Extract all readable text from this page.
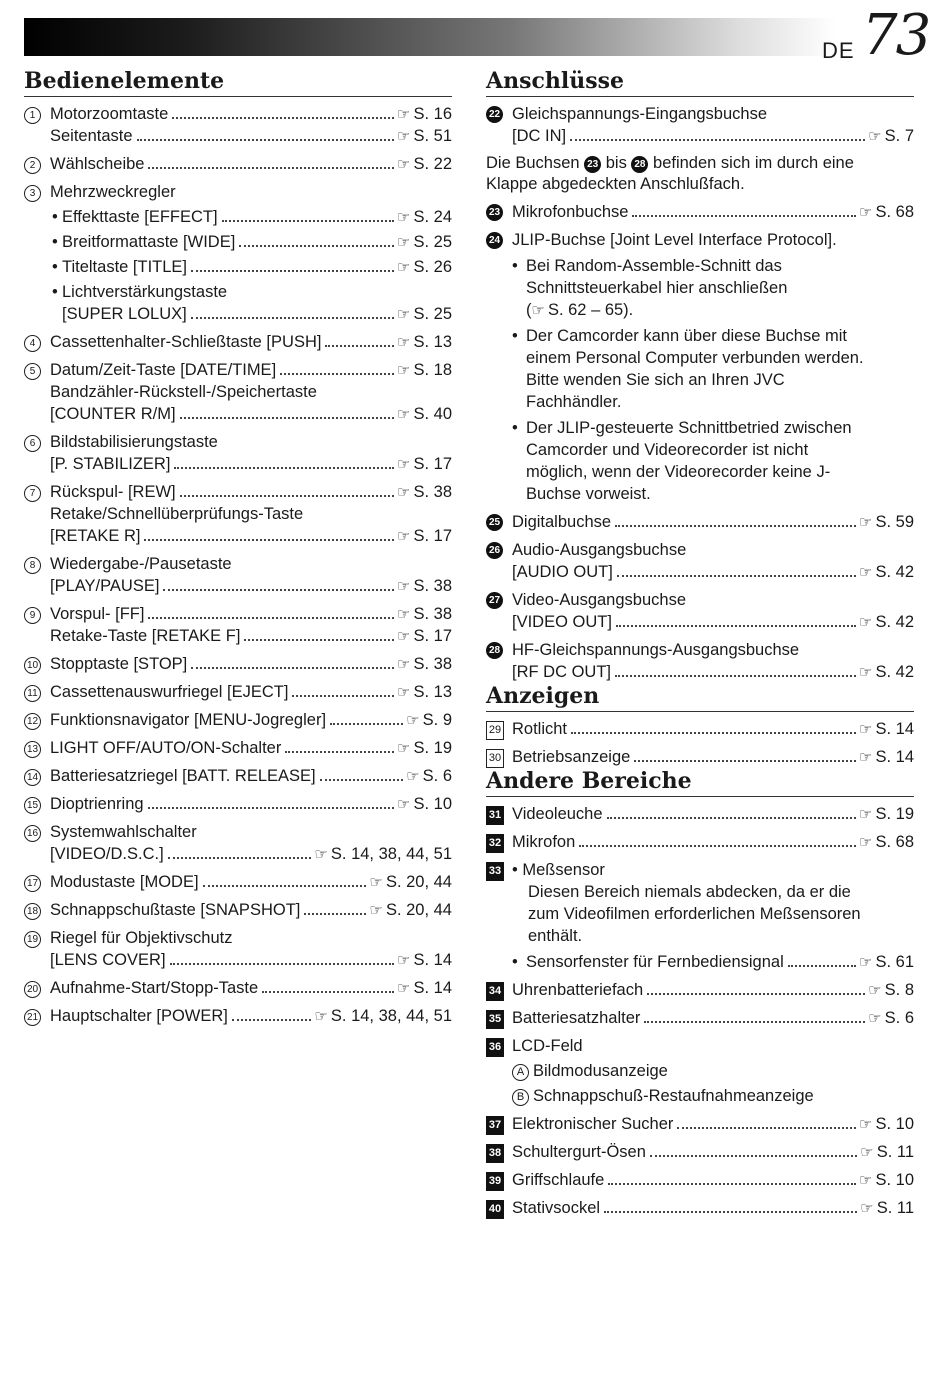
DE 73
Bedienelemente
1 Motorzoomtaste	☞ S. 16
Seitentaste	☞ S. 51
2 Wählscheibe	☞ S. 22
3 Mehrzweckregler
• Effekttaste [EFFECT]	☞ S. 24
• Breitformattaste [WIDE]	☞ S. 25
• Titeltaste [TITLE]	☞ S. 26
• Lichtverstärkungstaste
[SUPER LOLUX]	☞ S. 25
4 Cassettenhalter-Schließtaste [PUSH]	☞ S. 13
5 Datum/Zeit-Taste [DATE/TIME]	☞ S. 18
Bandzähler-Rückstell-/Speichertaste
[COUNTER R/M]	☞ S. 40
6 Bildstabilisierungstaste
[P. STABILIZER]	☞ S. 17
7 Rückspul- [REW]	☞ S. 38
Retake/Schnellüberprüfungs-Taste
[RETAKE R]	☞ S. 17
8 Wiedergabe-/Pausetaste
[PLAY/PAUSE]	☞ S. 38
9 Vorspul- [FF]	☞ S. 38
Retake-Taste [RETAKE F]	☞ S. 17
10 Stopptaste [STOP]	☞ S. 38
11 Cassettenauswurfriegel [EJECT]	☞ S. 13
12 Funktionsnavigator [MENU-Jogregler]	☞ S. 9
13 LIGHT OFF/AUTO/ON-Schalter	☞ S. 19
14 Batteriesatzriegel [BATT. RELEASE]	☞ S. 6
15 Dioptrienring	☞ S. 10
16 Systemwahlschalter
[VIDEO/D.S.C.]	☞ S. 14, 38, 44, 51
17 Modustaste [MODE]	☞ S. 20, 44
18 Schnappschußtaste [SNAPSHOT]	☞ S. 20, 44
19 Riegel für Objektivschutz
[LENS COVER]	☞ S. 14
20 Aufnahme-Start/Stopp-Taste	☞ S. 14
21 Hauptschalter [POWER]	☞ S. 14, 38, 44, 51
Anschlüsse
22 Gleichspannungs-Eingangsbuchse
[DC IN]	☞ S. 7
Die Buchsen 23 bis 28 befinden sich im durch eine
Klappe abgedeckten Anschlußfach.
23 Mikrofonbuchse	☞ S. 68
24 JLIP-Buchse [Joint Level Interface Protocol].
• Bei Random-Assemble-Schnitt das
Schnittsteuerkabel hier anschließen
(☞ S. 62 – 65).
• Der Camcorder kann über diese Buchse mit
einem Personal Computer verbunden werden.
Bitte wenden Sie sich an Ihren JVC
Fachhändler.
• Der JLIP-gesteuerte Schnittbetried zwischen
Camcorder und Videorecorder ist nicht
möglich, wenn der Videorecorder keine J-
Buchse vorweist.
25 Digitalbuchse	☞ S. 59
26 Audio-Ausgangsbuchse
[AUDIO OUT]	☞ S. 42
27 Video-Ausgangsbuchse
[VIDEO OUT]	☞ S. 42
28 HF-Gleichspannungs-Ausgangsbuchse
[RF DC OUT]	☞ S. 42
Anzeigen
29 Rotlicht	☞ S. 14
30 Betriebsanzeige	☞ S. 14
Andere Bereiche
31 Videoleuche	☞ S. 19
32 Mikrofon	☞ S. 68
33 • Meßsensor
Diesen Bereich niemals abdecken, da er die
zum Videofilmen erforderlichen Meßsensoren
enthält.
• Sensorfenster für Fernbediensignal	☞ S. 61
34 Uhrenbatteriefach	☞ S. 8
35 Batteriesatzhalter	☞ S. 6
36 LCD-Feld
A Bildmodusanzeige
B Schnappschuß-Restaufnahmeanzeige
37 Elektronischer Sucher	☞ S. 10
38 Schultergurt-Ösen	☞ S. 11
39 Griffschlaufe	☞ S. 10
40 Stativsockel	☞ S. 11
